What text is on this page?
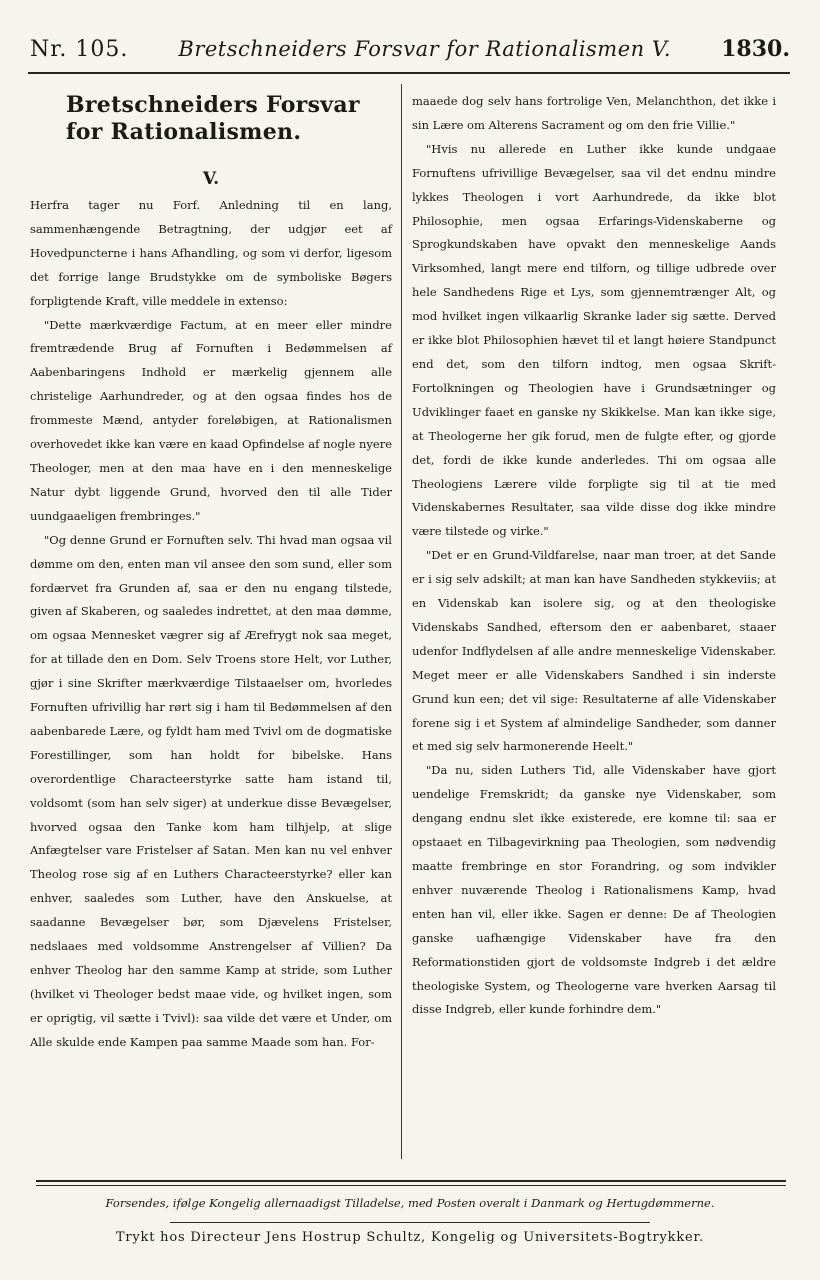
Nr. 105. Bretschneiders Forsvar for Rationalismen V. 1830.
Bretschneiders Forsvar for Rationalismen.
V.

Herfra tager nu Forf. Anledning til en lang, sammenhængende Betragtning, der udgjør eet af Hovedpuncterne i hans Afhandling, og som vi derfor, ligesom det forrige lange Brudstykke om de symboliske Bøgers forpligtende Kraft, ville meddele in extenso:

"Dette mærkværdige Factum, at en meer eller mindre fremtrædende Brug af Fornuften i Bedømmelsen af Aabenbaringens Indhold er mærkelig gjennem alle christelige Aarhundreder, og at den ogsaa findes hos de frommeste Mænd, antyder foreløbigen, at Rationalismen overhovedet ikke kan være en kaad Opfindelse af nogle nyere Theologer, men at den maa have en i den menneskelige Natur dybt liggende Grund, hvorved den til alle Tider uundgaaeligen frembringes."

"Og denne Grund er Fornuften selv. Thi hvad man ogsaa vil dømme om den, enten man vil ansee den som sund, eller som fordærvet fra Grunden af, saa er den nu engang tilstede, given af Skaberen, og saaledes indrettet, at den maa dømme, om ogsaa Mennesket vægrer sig af Ærefrygt nok saa meget, for at tillade den en Dom. Selv Troens store Helt, vor Luther, gjør i sine Skrifter mærkværdige Tilstaaelser om, hvorledes Fornuften ufrivillig har rørt sig i ham til Bedømmelsen af den aabenbarede Lære, og fyldt ham med Tvivl om de dogmatiske Forestillinger, som han holdt for bibelske. Hans overordentlige Characteerstyrke satte ham istand til, voldsomt (som han selv siger) at underkue disse Bevægelser, hvorved ogsaa den Tanke kom ham tilhjelp, at slige Anfægtelser vare Fristelser af Satan. Men kan nu vel enhver Theolog rose sig af en Luthers Characteerstyrke? eller kan enhver, saaledes som Luther, have den Anskuelse, at saadanne Bevægelser bør, som Djævelens Fristelser, nedslaaes med voldsomme Anstrengelser af Villien? Da enhver Theolog har den samme Kamp at stride, som Luther (hvilket vi Theologer bedst maae vide, og hvilket ingen, som er oprigtig, vil sætte i Tvivl): saa vilde det være et Under, om Alle skulde ende Kampen paa samme Maade som han. For-

maaede dog selv hans fortrolige Ven, Melanchthon, det ikke i sin Lære om Alterens Sacrament og om den frie Villie."

"Hvis nu allerede en Luther ikke kunde undgaae Fornuftens ufrivillige Bevægelser, saa vil det endnu mindre lykkes Theologen i vort Aarhundrede, da ikke blot Philosophie, men ogsaa Erfarings-Videnskaberne og Sprogkundskaben have opvakt den menneskelige Aands Virksomhed, langt mere end tilforn, og tillige udbrede over hele Sandhedens Rige et Lys, som gjennemtrænger Alt, og mod hvilket ingen vilkaarlig Skranke lader sig sætte. Derved er ikke blot Philosophien hævet til et langt høiere Standpunct end det, som den tilforn indtog, men ogsaa Skrift-Fortolkningen og Theologien have i Grundsætninger og Udviklinger faaet en ganske ny Skikkelse. Man kan ikke sige, at Theologerne her gik forud, men de fulgte efter, og gjorde det, fordi de ikke kunde anderledes. Thi om ogsaa alle Theologiens Lærere vilde forpligte sig til at tie med Videnskabernes Resultater, saa vilde disse dog ikke mindre være tilstede og virke."

"Det er en Grund-Vildfarelse, naar man troer, at det Sande er i sig selv adskilt; at man kan have Sandheden stykkeviis; at en Videnskab kan isolere sig, og at den theologiske Videnskabs Sandhed, eftersom den er aabenbaret, staaer udenfor Indflydelsen af alle andre menneskelige Videnskaber. Meget meer er alle Videnskabers Sandhed i sin inderste Grund kun een; det vil sige: Resultaterne af alle Videnskaber forene sig i et System af almindelige Sandheder, som danner et med sig selv harmonerende Heelt."

"Da nu, siden Luthers Tid, alle Videnskaber have gjort uendelige Fremskridt; da ganske nye Videnskaber, som dengang endnu slet ikke existerede, ere komne til: saa er opstaaet en Tilbagevirkning paa Theologien, som nødvendig maatte frembringe en stor Forandring, og som indvikler enhver nuværende Theolog i Rationalismens Kamp, hvad enten han vil, eller ikke. Sagen er denne: De af Theologien ganske uafhængige Videnskaber have fra den Reformationstiden gjort de voldsomste Indgreb i det ældre theologiske System, og Theologerne vare hverken Aarsag til disse Indgreb, eller kunde forhindre dem."

Forsendes, ifølge Kongelig allernaadigst Tilladelse, med Posten overalt i Danmark og Hertugdømmerne.
Trykt hos Directeur Jens Hostrup Schultz, Kongelig og Universitets-Bogtrykker.
